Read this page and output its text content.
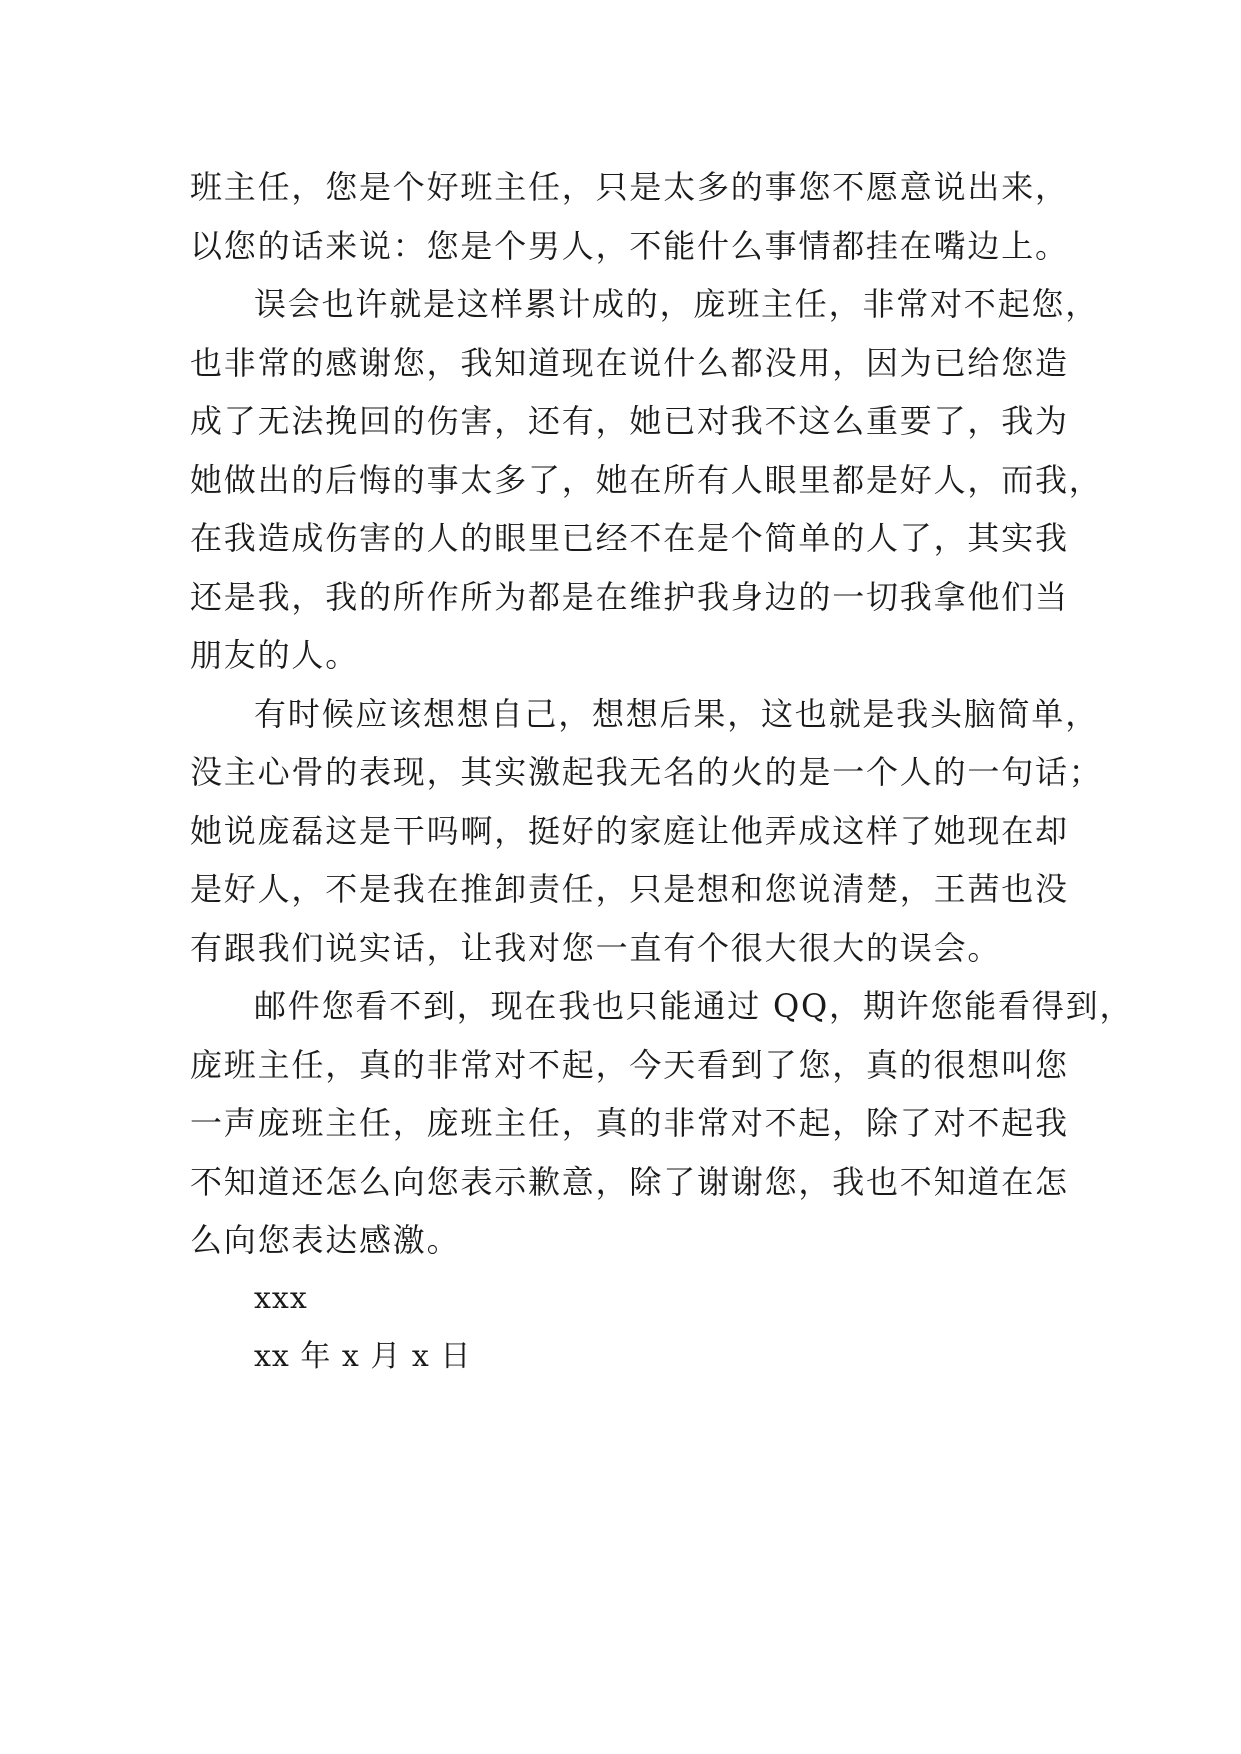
班主任，您是个好班主任，只是太多的事您不愿意说出来，
以您的话来说：您是个男人，不能什么事情都挂在嘴边上。
误会也许就是这样累计成的，庞班主任，非常对不起您，
也非常的感谢您，我知道现在说什么都没用，因为已给您造
成了无法挽回的伤害，还有，她已对我不这么重要了，我为
她做出的后悔的事太多了，她在所有人眼里都是好人，而我，
在我造成伤害的人的眼里已经不在是个简单的人了，其实我
还是我，我的所作所为都是在维护我身边的一切我拿他们当
朋友的人。
有时候应该想想自己，想想后果，这也就是我头脑简单，
没主心骨的表现，其实激起我无名的火的是一个人的一句话；
她说庞磊这是干吗啊，挺好的家庭让他弄成这样了她现在却
是好人，不是我在推卸责任，只是想和您说清楚，王茜也没
有跟我们说实话，让我对您一直有个很大很大的误会。
邮件您看不到，现在我也只能通过 QQ，期许您能看得到，
庞班主任，真的非常对不起，今天看到了您，真的很想叫您
一声庞班主任，庞班主任，真的非常对不起，除了对不起我
不知道还怎么向您表示歉意，除了谢谢您，我也不知道在怎
么向您表达感激。
xxx
xx 年 x 月 x 日
